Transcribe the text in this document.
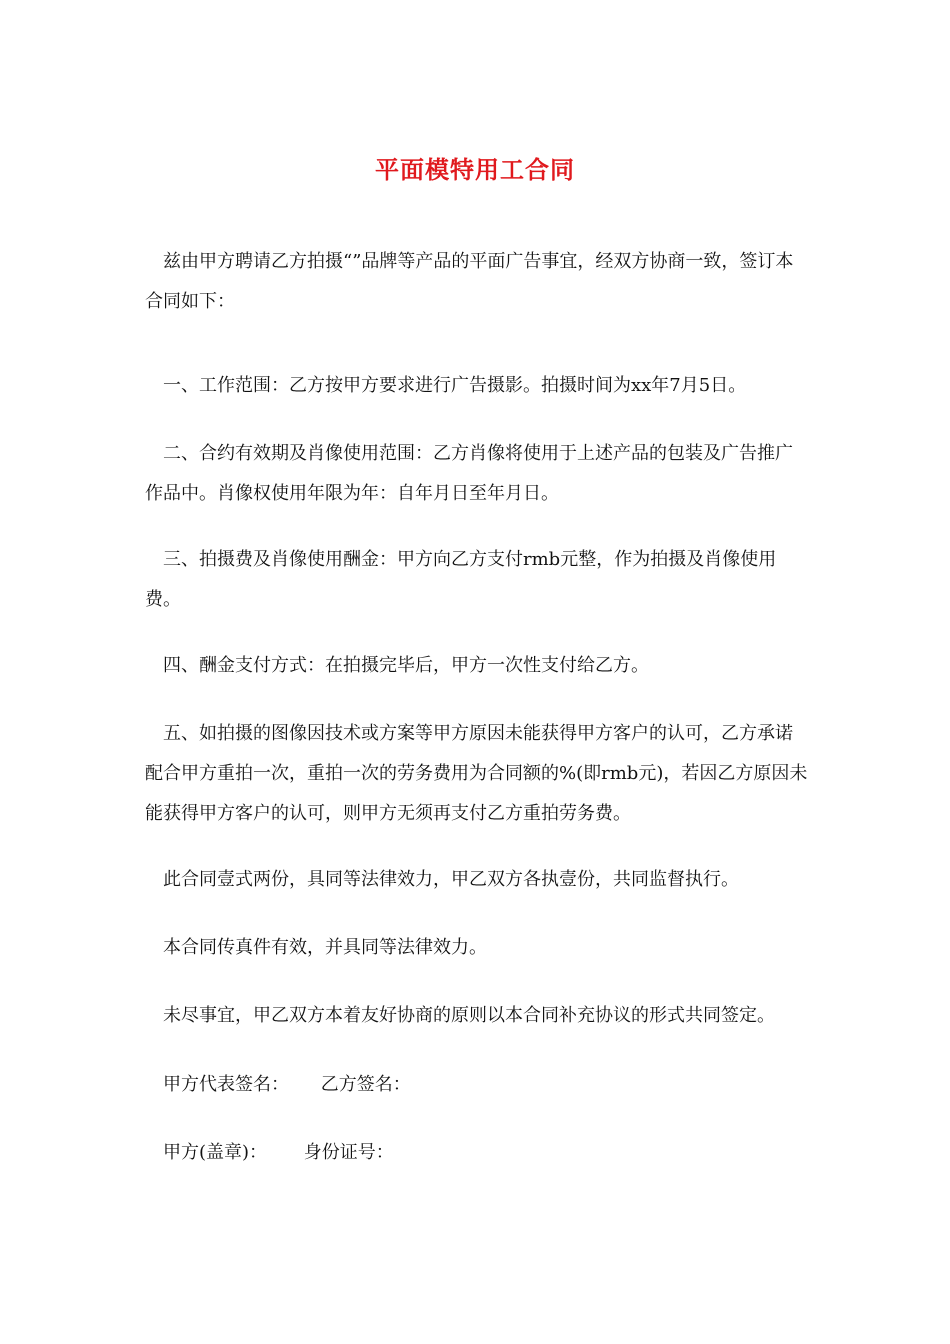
平面模特用工合同
兹由甲方聘请乙方拍摄“”品牌等产品的平面广告事宜，经双方协商一致，签订本合同如下：
一、工作范围：乙方按甲方要求进行广告摄影。拍摄时间为xx年7月5日。
二、合约有效期及肖像使用范围：乙方肖像将使用于上述产品的包装及广告推广作品中。肖像权使用年限为年：自年月日至年月日。
三、拍摄费及肖像使用酬金：甲方向乙方支付rmb元整，作为拍摄及肖像使用费。
四、酬金支付方式：在拍摄完毕后，甲方一次性支付给乙方。
五、如拍摄的图像因技术或方案等甲方原因未能获得甲方客户的认可，乙方承诺配合甲方重拍一次，重拍一次的劳务费用为合同额的%(即rmb元)，若因乙方原因未能获得甲方客户的认可，则甲方无须再支付乙方重拍劳务费。
此合同壹式两份，具同等法律效力，甲乙双方各执壹份，共同监督执行。
本合同传真件有效，并具同等法律效力。
未尽事宜，甲乙双方本着友好协商的原则以本合同补充协议的形式共同签定。
甲方代表签名： 乙方签名：
甲方(盖章)： 身份证号：
